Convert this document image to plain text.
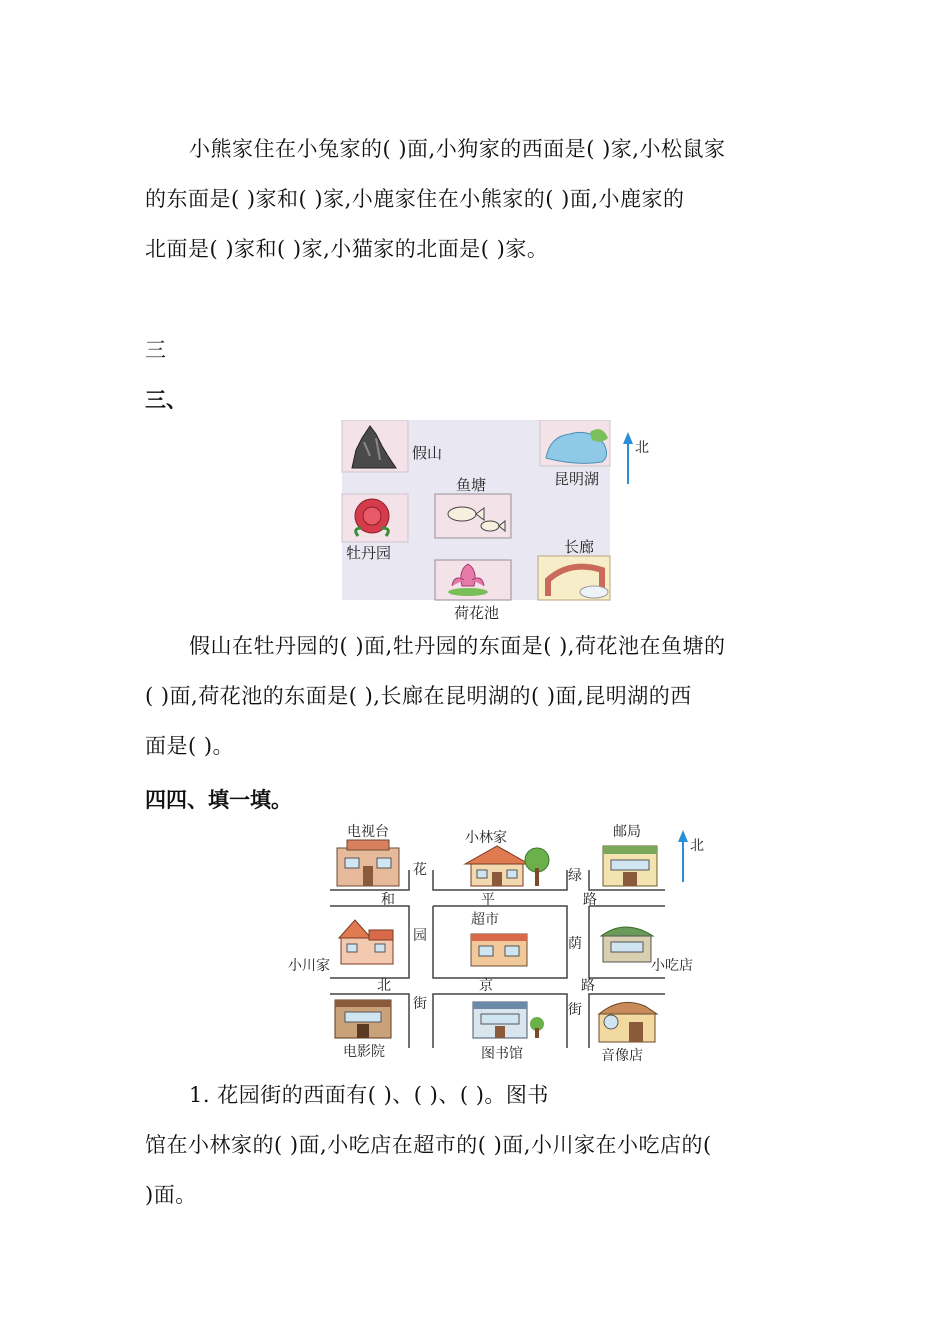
小熊家住在小兔家的( )面,小狗家的西面是( )家,小松鼠家
的东面是( )家和( )家,小鹿家住在小熊家的( )面,小鹿家的
北面是( )家和( )家,小猫家的北面是( )家。
三
三、
假山
昆明湖
北
鱼塘
牡丹园	长廊
荷花池
假山在牡丹园的( )面,牡丹园的东面是( ),荷花池在鱼塘的
( )面,荷花池的东面是( ),长廊在昆明湖的( )面,昆明湖的西
面是( )。
四四、填一填。
电视台	小林家	邮局
北
花
园
街
和	平
绿
荫
路
北	京	路
街
超市
小川家	小吃店
电影院	图书馆	音像店
1. 花园街的西面有( )、( )、( )。图书
馆在小林家的( )面,小吃店在超市的( )面,小川家在小吃店的(
)面。
